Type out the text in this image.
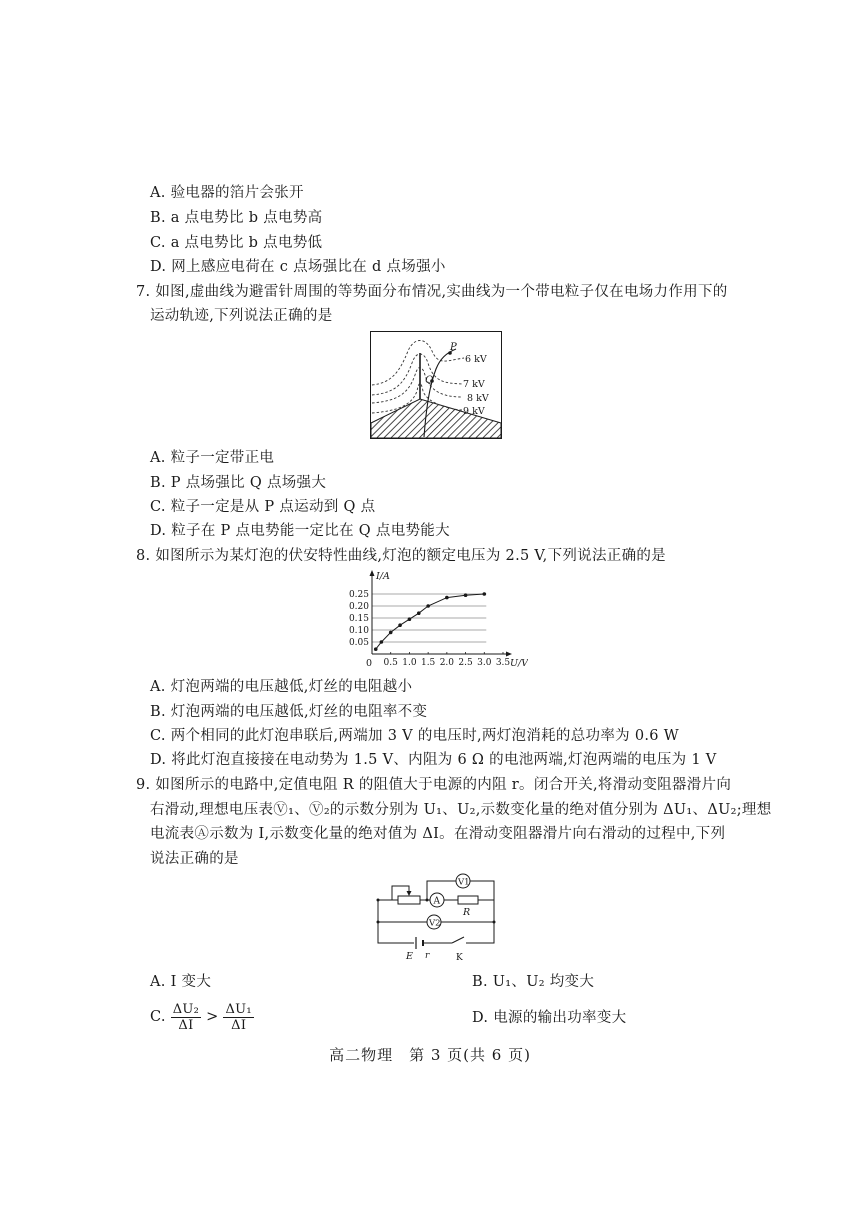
A. 验电器的箔片会张开
B. a 点电势比 b 点电势高
C. a 点电势比 b 点电势低
D. 网上感应电荷在 c 点场强比在 d 点场强小
7. 如图,虚曲线为避雷针周围的等势面分布情况,实曲线为一个带电粒子仅在电场力作用下的
运动轨迹,下列说法正确的是
P
Q
6 kV
7 kV
8 kV
9 kV
A. 粒子一定带正电
B. P 点场强比 Q 点场强大
C. 粒子一定是从 P 点运动到 Q 点
D. 粒子在 P 点电势能一定比在 Q 点电势能大
8. 如图所示为某灯泡的伏安特性曲线,灯泡的额定电压为 2.5 V,下列说法正确的是
I/A
U/V
0
0.05
0.10
0.15
0.20
0.25
0.5 1.0 1.5 2.0 2.5 3.0 3.5
A. 灯泡两端的电压越低,灯丝的电阻越小
B. 灯泡两端的电压越低,灯丝的电阻率不变
C. 两个相同的此灯泡串联后,两端加 3 V 的电压时,两灯泡消耗的总功率为 0.6 W
D. 将此灯泡直接接在电动势为 1.5 V、内阻为 6 Ω 的电池两端,灯泡两端的电压为 1 V
9. 如图所示的电路中,定值电阻 R 的阻值大于电源的内阻 r。闭合开关,将滑动变阻器滑片向
右滑动,理想电压表Ⓥ₁、Ⓥ₂的示数分别为 U₁、U₂,示数变化量的绝对值分别为 ΔU₁、ΔU₂;理想
电流表Ⓐ示数为 I,示数变化量的绝对值为 ΔI。在滑动变阻器滑片向右滑动的过程中,下列
说法正确的是
V1
V2
A
R
E r	K
A. I 变大	B. U₁、U₂ 均变大
C. $\frac{\text{ΔU₂}}{\Delta I} > \frac{\text{ΔU₁}}{\Delta I}$	D. 电源的输出功率变大
高二物理　第 3 页(共 6 页)
